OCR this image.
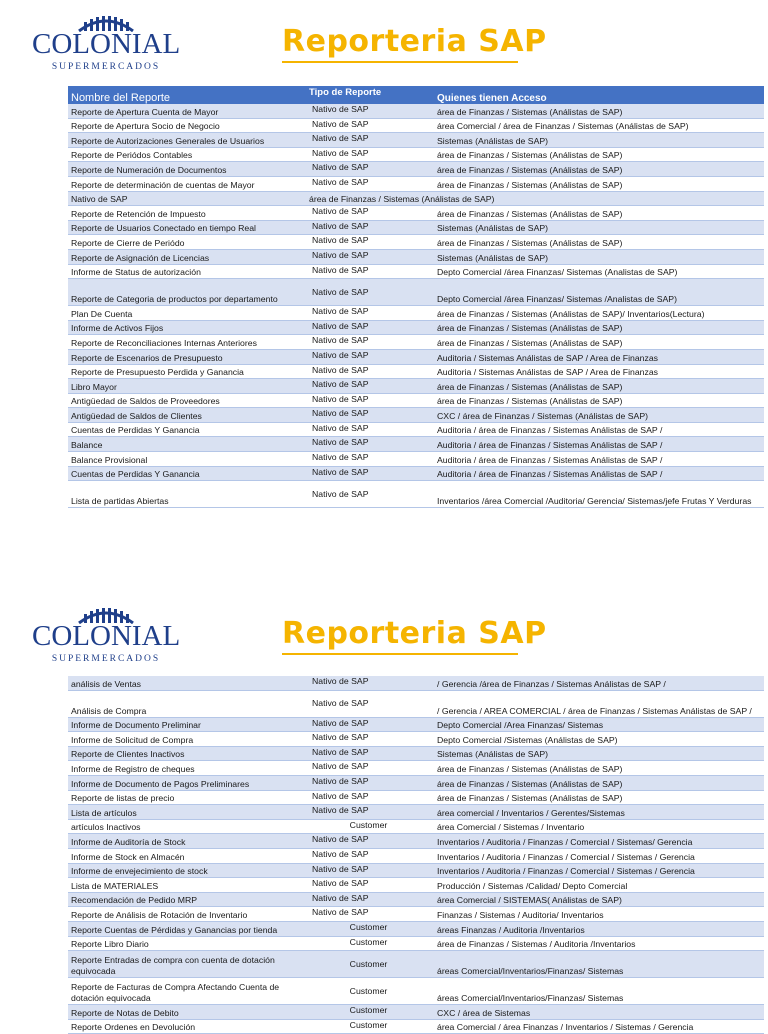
COLONIAL
SUPERMERCADOS
Reporteria SAP
Nombre del Reporte	Tipo de Reporte	Quienes tienen Acceso
Reporte de Apertura Cuenta de Mayor	Nativo de SAP	área de Finanzas / Sistemas (Análistas de SAP)
Reporte de Apertura Socio de Negocio	Nativo de SAP	área Comercial / área de Finanzas / Sistemas (Análistas de SAP)
Reporte de Autorizaciones Generales de Usuarios	Nativo de SAP	Sistemas (Análistas de SAP)
Reporte de Periódos Contables	Nativo de SAP	área de Finanzas / Sistemas (Análistas de SAP)
Reporte de Numeración de Documentos	Nativo de SAP	área de Finanzas / Sistemas (Análistas de SAP)
Reporte de determinación de cuentas de Mayor	Nativo de SAP	área de Finanzas / Sistemas (Análistas de SAP)
Nativo de SAP	área de Finanzas / Sistemas (Análistas de SAP)	
Reporte de Retención de Impuesto	Nativo de SAP	área de Finanzas / Sistemas (Análistas de SAP)
Reporte de Usuarios Conectado en tiempo Real	Nativo de SAP	Sistemas (Análistas de SAP)
Reporte de Cierre de Periódo	Nativo de SAP	área de Finanzas / Sistemas (Análistas de SAP)
Reporte de Asignación de Licencias	Nativo de SAP	Sistemas (Análistas de SAP)
Informe de Status de autorización	Nativo de SAP	Depto Comercial /área Finanzas/ Sistemas (Analistas de SAP)
Reporte de Categoria de productos por departamento	Nativo de SAP	Depto Comercial /área Finanzas/ Sistemas /Analistas de SAP)
Plan De Cuenta	Nativo de SAP	área de Finanzas / Sistemas (Análistas de SAP)/ Inventarios(Lectura)
Informe de Activos Fijos	Nativo de SAP	área de Finanzas / Sistemas (Análistas de SAP)
Reporte de Reconciliaciones Internas Anteriores	Nativo de SAP	área de Finanzas / Sistemas (Análistas de SAP)
Reporte de Escenarios de Presupuesto	Nativo de SAP	Auditoria / Sistemas Análistas de SAP / Area de Finanzas
Reporte de Presupuesto Perdida y Ganancia	Nativo de SAP	Auditoria / Sistemas Análistas de SAP / Area de Finanzas
Libro Mayor	Nativo de SAP	área de Finanzas / Sistemas (Análistas de SAP)
Antigüedad de Saldos de Proveedores	Nativo de SAP	área de Finanzas / Sistemas (Análistas de SAP)
Antigüedad de Saldos de Clientes	Nativo de SAP	CXC / área de Finanzas / Sistemas (Análistas de SAP)
Cuentas de Perdidas Y Ganancia	Nativo de SAP	Auditoria / área de Finanzas / Sistemas Análistas de SAP /
Balance	Nativo de SAP	Auditoria / área de Finanzas / Sistemas Análistas de SAP /
Balance Provisional	Nativo de SAP	Auditoria / área de Finanzas / Sistemas Análistas de SAP /
Cuentas de Perdidas Y Ganancia	Nativo de SAP	Auditoria / área de Finanzas / Sistemas Análistas de SAP /
Lista de partidas Abiertas	Nativo de SAP	Inventarios /área Comercial /Auditoria/ Gerencia/ Sistemas/jefe Frutas Y Verduras
COLONIAL
SUPERMERCADOS
Reporteria SAP
análisis de Ventas	Nativo de SAP	/ Gerencia /área de Finanzas / Sistemas Análistas de SAP /
Análisis de Compra	Nativo de SAP	/ Gerencia / AREA COMERCIAL / área de Finanzas / Sistemas Análistas de SAP /
Informe de Documento Preliminar	Nativo de SAP	Depto Comercial /Area Finanzas/ Sistemas
Informe de Solicitud de Compra	Nativo de SAP	Depto Comercial /Sistemas (Análistas de SAP)
Reporte de Clientes Inactivos	Nativo de SAP	Sistemas (Análistas de SAP)
Informe de Registro de cheques	Nativo de SAP	área de Finanzas / Sistemas (Análistas de SAP)
Informe de Documento de Pagos Preliminares	Nativo de SAP	área de Finanzas / Sistemas (Análistas de SAP)
Reporte de listas de precio	Nativo de SAP	área de Finanzas / Sistemas (Análistas de SAP)
Lista de artículos	Nativo de SAP	área comercial / Inventarios / Gerentes/Sistemas
artículos Inactivos	Customer	área Comercial / Sistemas / Inventario
Informe de Auditoría de Stock	Nativo de SAP	Inventarios / Auditoria / Finanzas / Comercial / Sistemas/ Gerencia
Informe de Stock en Almacén	Nativo de SAP	Inventarios / Auditoria / Finanzas / Comercial / Sistemas / Gerencia
Informe de envejecimiento de stock	Nativo de SAP	Inventarios / Auditoria / Finanzas / Comercial / Sistemas / Gerencia
Lista de MATERIALES	Nativo de SAP	Producción / Sistemas /Calidad/ Depto Comercial
Recomendación de Pedido MRP	Nativo de SAP	área Comercial / SISTEMAS( Análistas de SAP)
Reporte de Análisis de Rotación de Inventario	Nativo de SAP	Finanzas / Sistemas / Auditoria/ Inventarios
Reporte Cuentas de Pérdidas y Ganancias por tienda	Customer	áreas Finanzas / Auditoria /Inventarios
Reporte Libro Diario	Customer	área de Finanzas / Sistemas / Auditoria /Inventarios
Reporte Entradas de compra con cuenta de dotación equivocada	Customer	áreas Comercial/Inventarios/Finanzas/ Sistemas
Reporte de Facturas de Compra Afectando Cuenta de dotación equivocada	Customer	áreas Comercial/Inventarios/Finanzas/ Sistemas
Reporte de Notas de Debito	Customer	CXC / área de Sistemas
Reporte Ordenes en Devolución	Customer	área Comercial / área Finanzas / Inventarios / Sistemas / Gerencia
